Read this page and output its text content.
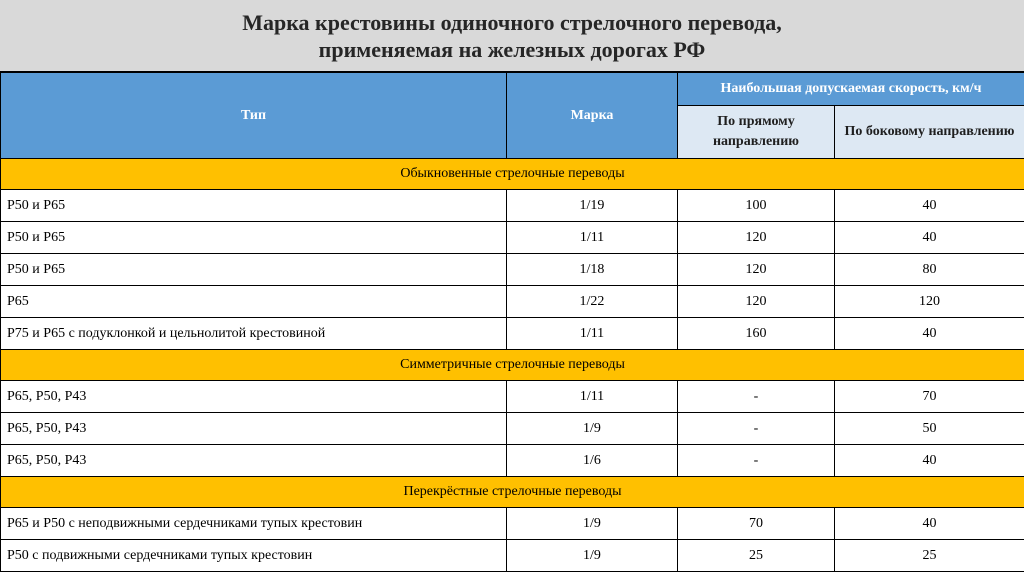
Марка крестовины одиночного стрелочного перевода,
применяемая на железных дорогах РФ
Тип	Марка	Наибольшая допускаемая скорость, км/ч	
		По прямому направлению	По боковому направлению
Обыкновенные стрелочные переводы			
Р50 и Р65	1/19	100	40
Р50 и Р65	1/11	120	40
Р50 и Р65	1/18	120	80
Р65	1/22	120	120
Р75 и Р65 с подуклонкой и цельнолитой крестовиной	1/11	160	40
Симметричные стрелочные переводы			
Р65, Р50, Р43	1/11	-	70
Р65, Р50, Р43	1/9	-	50
Р65, Р50, Р43	1/6	-	40
Перекрёстные стрелочные переводы			
Р65 и Р50 с неподвижными сердечниками тупых крестовин	1/9	70	40
Р50 с подвижными сердечниками тупых крестовин	1/9	25	25
